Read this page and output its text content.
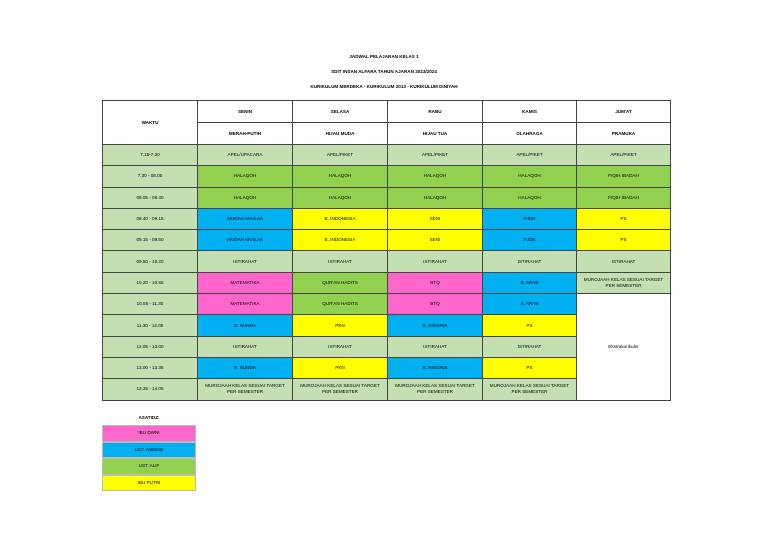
JADWAL PELAJARAN KELAS 1
SDIT INSAN ALFARA TAHUN AJARAN 2023/2024
KURIKULUM MERDEKA - KURIKULUM 2013 - KURIKULUM DINIYAH
WAKTU	SENIN	SELASA	RABU	KAMIS	JUM'AT
	MERAH-PUTIH	HIJAU MUDA	HIJAU TUA	OLAHRAGA	PRAMUKA
7.15-7.30	APEL/UPACARA	APEL/PIKET	APEL/PIKET	APEL/PIKET	APEL/PIKET
7.30 - 08.05	HALAQOH	HALAQOH	HALAQOH	HALAQOH	FIQIH IBADAH
08.05 - 08.40	HALAQOH	HALAQOH	HALAQOH	HALAQOH	FIQIH IBADAH
08.40 - 09.15	AKIDAH AKHLAK	B. INDONESIA	SENI	PJOK	PS
09.15 - 09.50	AKIDAH AKHLAK	B. INDONESIA	SENI	PJOK	PS
09.50 - 10.20	ISTIRAHAT	ISTIRAHAT	ISTIRAHAT	ISTIRAHAT	ISTIRAHAT
10.20 - 10.55	MATEMATIKA	QUR'AN HADITS	BTQ	B. ARAB	MUROJAAH KELAS SESUAI TARGET PER SEMESTER
10.55 - 11.30	MATEMATIKA	QUR'AN HADITS	BTQ	B. ARAB	Ekstrakurikuler
11.30 - 12.05	B. SUNDA	PKN	B. INGGRIS	PS	
12.05 - 13.00	ISTIRAHAT	ISTIRAHAT	ISTIRAHAT	ISTIRAHAT	
13.00 - 13.35	B. SUNDA	PKN	B. INGGRIS	PS	
13.35 - 14.05	MUROJAAH KELAS SESUAI TARGET PER SEMESTER	MUROJAAH KELAS SESUAI TARGET PER SEMESTER	MUROJAAH KELAS SESUAI TARGET PER SEMESTER	MUROJAAH KELAS SESUAI TARGET PER SEMESTER	
ASATIDZ:
IBU DWNI
UST. ANIDUD
UST. ALIF
IBU PUTRI
